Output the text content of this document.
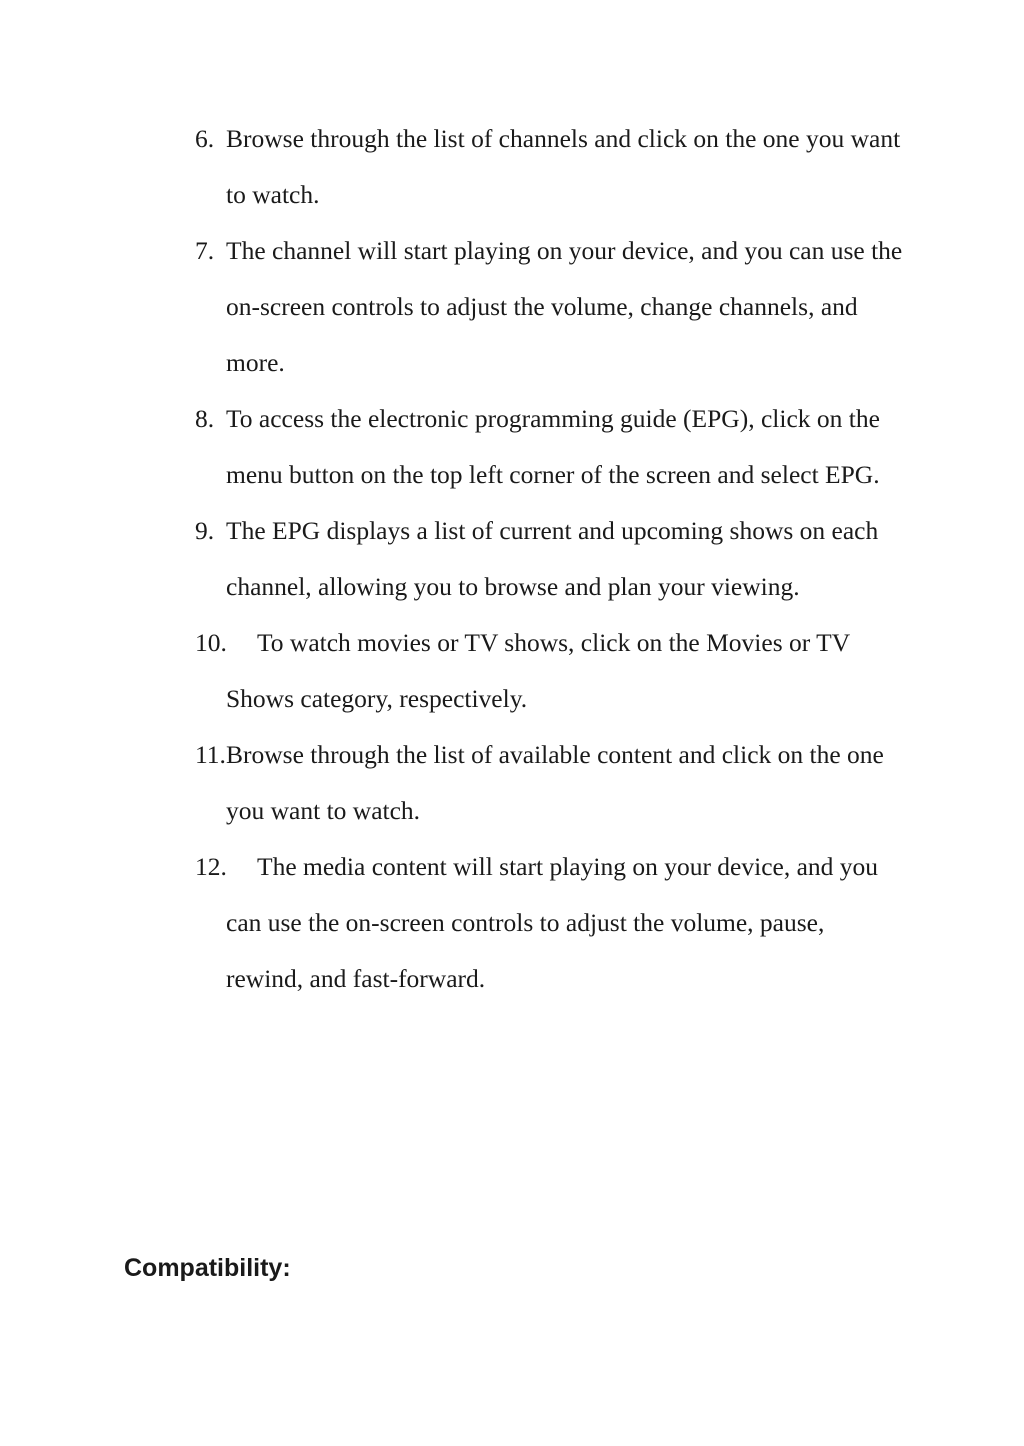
6. Browse through the list of channels and click on the one you want to watch.
7. The channel will start playing on your device, and you can use the on-screen controls to adjust the volume, change channels, and more.
8. To access the electronic programming guide (EPG), click on the menu button on the top left corner of the screen and select EPG.
9. The EPG displays a list of current and upcoming shows on each channel, allowing you to browse and plan your viewing.
10.	To watch movies or TV shows, click on the Movies or TV Shows category, respectively.
11. Browse through the list of available content and click on the one you want to watch.
12.	The media content will start playing on your device, and you can use the on-screen controls to adjust the volume, pause, rewind, and fast-forward.
Compatibility:
